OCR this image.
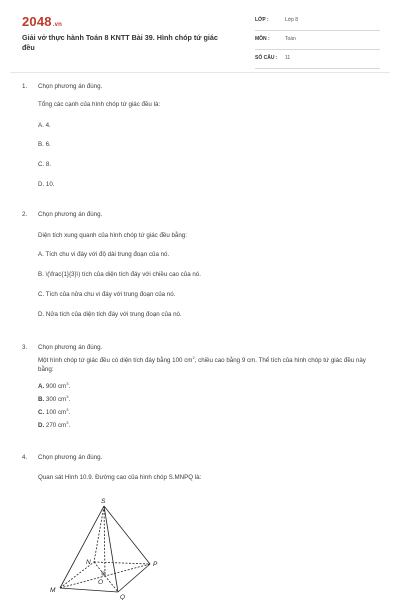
2048.vn
Giải vở thực hành Toán 8 KNTT Bài 39. Hình chóp tứ giác đều
LỚP :	Lớp 8
MÔN :	Toán
SỐ CÂU : 11
1. Chọn phương án đúng.
Tổng các cạnh của hình chóp tứ giác đều là:
A. 4.
B. 6.
C. 8.
D. 10.
2. Chọn phương án đúng.
Diện tích xung quanh của hình chóp tứ giác đều bằng:
A. Tích chu vi đáy với độ dài trung đoạn của nó.
B. \(\frac{1}{3}\) tích của diện tích đáy với chiều cao của nó.
C. Tích của nửa chu vi đáy với trung đoạn của nó.
D. Nửa tích của diện tích đáy với trung đoạn của nó.
3. Chọn phương án đúng.
Một hình chóp tứ giác đều có diện tích đáy bằng 100 $cm^2$, chiều cao bằng 9 cm. Thể tích của hình chóp tứ giác đều này bằng:
A. 900 $cm^3$.
B. 300 $cm^3$.
C. 100 $cm^3$.
D. 270 $cm^3$.
4. Chọn phương án đúng.
Quan sát Hình 10.9. Đường cao của hình chóp S.MNPQ là:
S
M
N	P
Q
O
